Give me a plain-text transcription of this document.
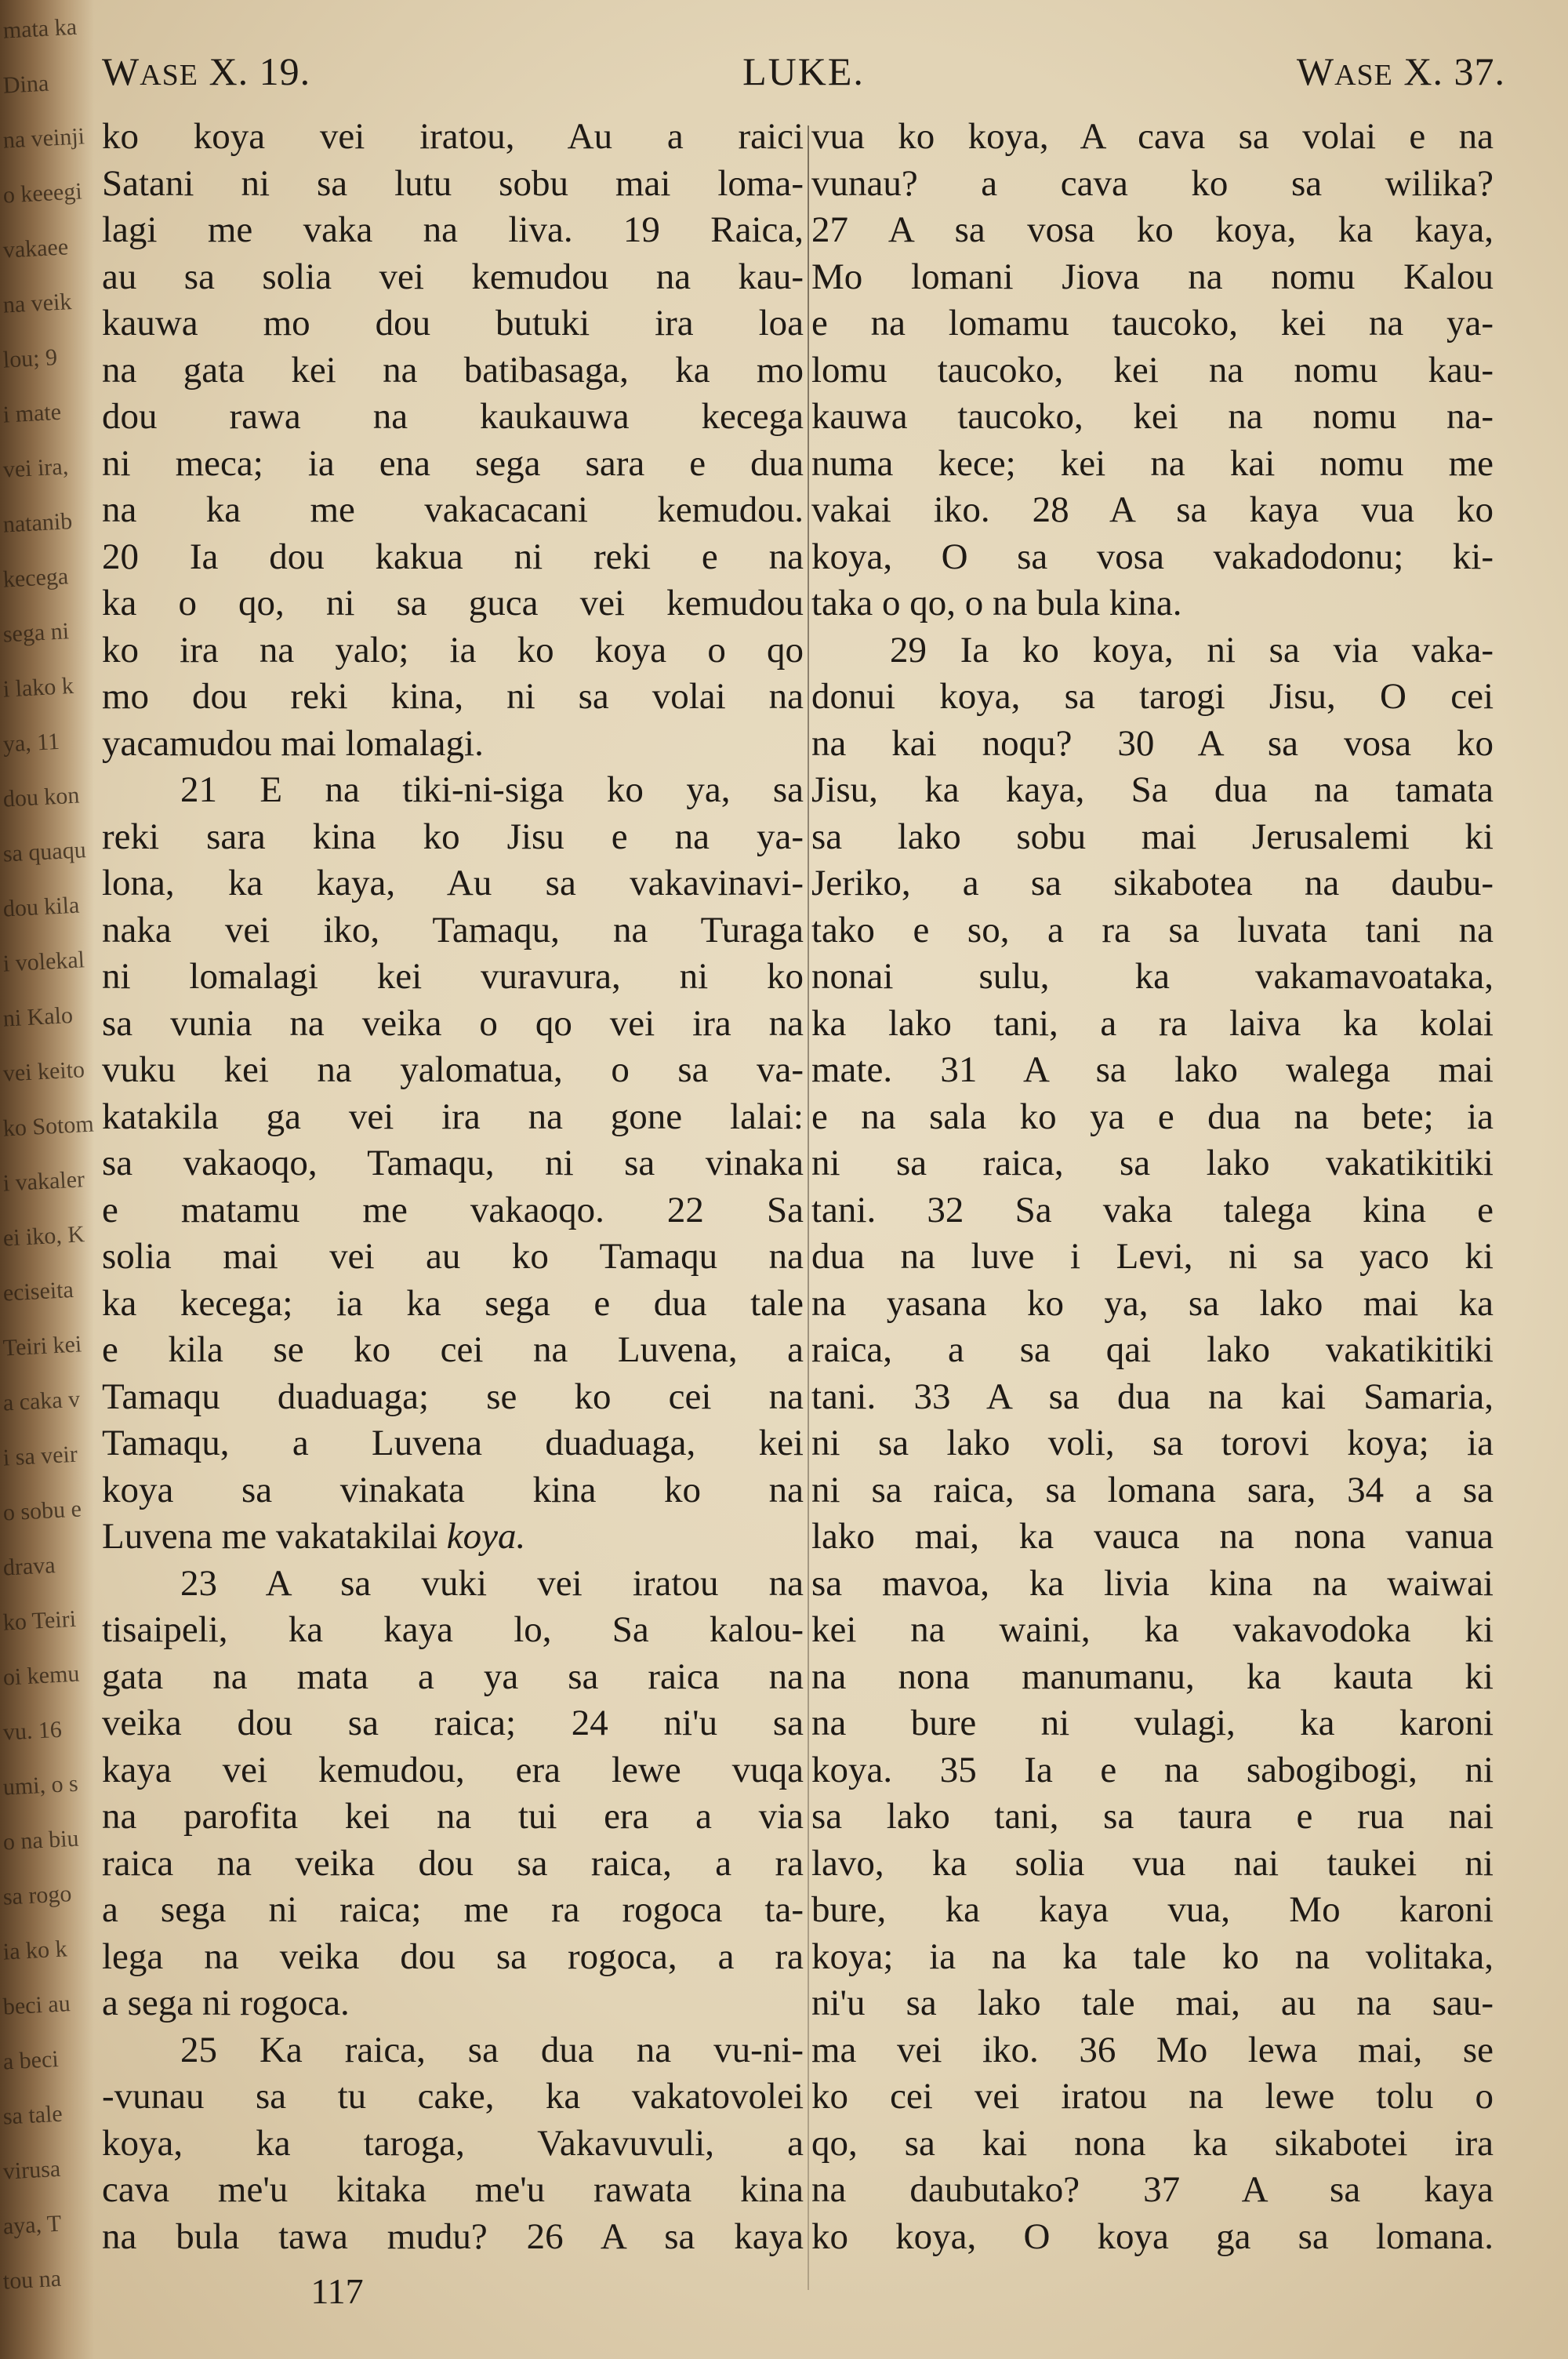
mata ka
Dina
na veinji
o keeegi
vakaee
na veik
lou; 9
i mate
vei ira,
natanib
kecega
sega ni
i lako k
ya, 11
dou kon
sa quaqu
dou kila
i volekal
ni Kalo
vei keito
ko Sotom
i vakaler
ei iko, K
eciseita
Teiri kei
a caka v
i sa veir
o sobu e
drava
ko Teiri
oi kemu
vu. 16
umi, o s
o na biu
sa rogo
ia ko k
beci au
a beci
sa tale
virusa
aya, T
tou na
WASE X. 19.	LUKE.	WASE X. 37.
ko koya vei iratou, Au a raici
Satani ni sa lutu sobu mai loma-
lagi me vaka na liva. 19 Raica,
au sa solia vei kemudou na kau-
kauwa mo dou butuki ira loa
na gata kei na batibasaga, ka mo
dou rawa na kaukauwa kecega
ni meca; ia ena sega sara e dua
na ka me vakacacani kemudou.
20 Ia dou kakua ni reki e na
ka o qo, ni sa guca vei kemudou
ko ira na yalo; ia ko koya o qo
mo dou reki kina, ni sa volai na
yacamudou mai lomalagi.
21 E na tiki-ni-siga ko ya, sa
reki sara kina ko Jisu e na ya-
lona, ka kaya, Au sa vakavinavi-
naka vei iko, Tamaqu, na Turaga
ni lomalagi kei vuravura, ni ko
sa vunia na veika o qo vei ira na
vuku kei na yalomatua, o sa va-
katakila ga vei ira na gone lalai:
sa vakaoqo, Tamaqu, ni sa vinaka
e matamu me vakaoqo. 22 Sa
solia mai vei au ko Tamaqu na
ka kecega; ia ka sega e dua tale
e kila se ko cei na Luvena, a
Tamaqu duaduaga; se ko cei na
Tamaqu, a Luvena duaduaga, kei
koya sa vinakata kina ko na
Luvena me vakatakilai koya.
23 A sa vuki vei iratou na
tisaipeli, ka kaya lo, Sa kalou-
gata na mata a ya sa raica na
veika dou sa raica; 24 ni'u sa
kaya vei kemudou, era lewe vuqa
na parofita kei na tui era a via
raica na veika dou sa raica, a ra
a sega ni raica; me ra rogoca ta-
lega na veika dou sa rogoca, a ra
a sega ni rogoca.
25 Ka raica, sa dua na vu-ni-
-vunau sa tu cake, ka vakatovolei
koya, ka taroga, Vakavuvuli, a
cava me'u kitaka me'u rawata kina
na bula tawa mudu? 26 A sa kaya
vua ko koya, A cava sa volai e na
vunau? a cava ko sa wilika?
27 A sa vosa ko koya, ka kaya,
Mo lomani Jiova na nomu Kalou
e na lomamu taucoko, kei na ya-
lomu taucoko, kei na nomu kau-
kauwa taucoko, kei na nomu na-
numa kece; kei na kai nomu me
vakai iko. 28 A sa kaya vua ko
koya, O sa vosa vakadodonu; ki-
taka o qo, o na bula kina.
29 Ia ko koya, ni sa via vaka-
donui koya, sa tarogi Jisu, O cei
na kai noqu? 30 A sa vosa ko
Jisu, ka kaya, Sa dua na tamata
sa lako sobu mai Jerusalemi ki
Jeriko, a sa sikabotea na daubu-
tako e so, a ra sa luvata tani na
nonai sulu, ka vakamavoataka,
ka lako tani, a ra laiva ka kolai
mate. 31 A sa lako walega mai
e na sala ko ya e dua na bete; ia
ni sa raica, sa lako vakatikitiki
tani. 32 Sa vaka talega kina e
dua na luve i Levi, ni sa yaco ki
na yasana ko ya, sa lako mai ka
raica, a sa qai lako vakatikitiki
tani. 33 A sa dua na kai Samaria,
ni sa lako voli, sa torovi koya; ia
ni sa raica, sa lomana sara, 34 a sa
lako mai, ka vauca na nona vanua
sa mavoa, ka livia kina na waiwai
kei na waini, ka vakavodoka ki
na nona manumanu, ka kauta ki
na bure ni vulagi, ka karoni
koya. 35 Ia e na sabogibogi, ni
sa lako tani, sa taura e rua nai
lavo, ka solia vua nai taukei ni
bure, ka kaya vua, Mo karoni
koya; ia na ka tale ko na volitaka,
ni'u sa lako tale mai, au na sau-
ma vei iko. 36 Mo lewa mai, se
ko cei vei iratou na lewe tolu o
qo, sa kai nona ka sikabotei ira
na daubutako? 37 A sa kaya
ko koya, O koya ga sa lomana.
117
